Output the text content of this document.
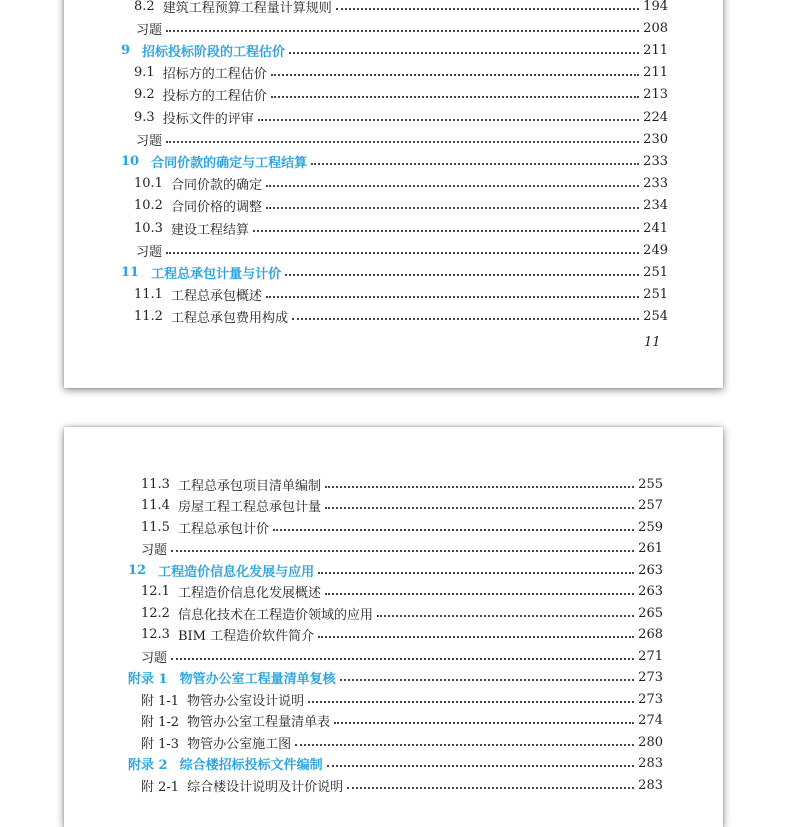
8.2 建筑工程预算工程量计算规则	194
习题	208
9 招标投标阶段的工程估价	211
9.1 招标方的工程估价	211
9.2 投标方的工程估价	213
9.3 投标文件的评审	224
习题	230
10 合同价款的确定与工程结算	233
10.1 合同价款的确定	233
10.2 合同价格的调整	234
10.3 建设工程结算	241
习题	249
11 工程总承包计量与计价	251
11.1 工程总承包概述	251
11.2 工程总承包费用构成	254
11
11.3 工程总承包项目清单编制	255
11.4 房屋工程工程总承包计量	257
11.5 工程总承包计价	259
习题	261
12 工程造价信息化发展与应用	263
12.1 工程造价信息化发展概述	263
12.2 信息化技术在工程造价领域的应用	265
12.3 BIM 工程造价软件简介	268
习题	271
附录 1 物管办公室工程量清单复核	273
附 1-1 物管办公室设计说明	273
附 1-2 物管办公室工程量清单表	274
附 1-3 物管办公室施工图	280
附录 2 综合楼招标投标文件编制	283
附 2-1 综合楼设计说明及计价说明	283
